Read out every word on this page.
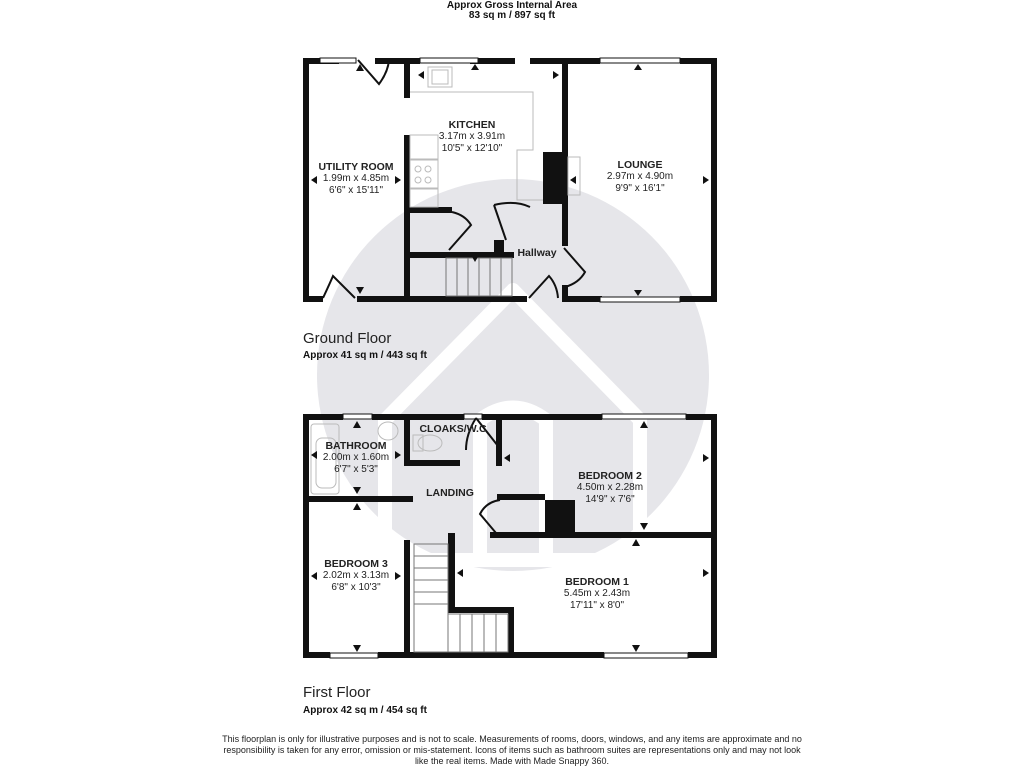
Approx Gross Internal Area
83 sq m / 897 sq ft
UTILITY ROOM
1.99m x 4.85m
6'6" x 15'11"
KITCHEN
3.17m x 3.91m
10'5" x 12'10"
LOUNGE
2.97m x 4.90m
9'9" x 16'1"
Hallway
Ground Floor
Approx 41 sq m / 443 sq ft
BATHROOM
2.00m x 1.60m
6'7" x 5'3"
CLOAKS/W.C
BEDROOM 2
4.50m x 2.28m
14'9" x 7'6"
LANDING
BEDROOM 3
2.02m x 3.13m
6'8" x 10'3"	BEDROOM 1
5.45m x 2.43m
17'11" x 8'0"
First Floor
Approx 42 sq m / 454 sq ft
This floorplan is only for illustrative purposes and is not to scale. Measurements of rooms, doors, windows, and any items are approximate and no responsibility is taken for any error, omission or mis-statement. Icons of items such as bathroom suites are representations only and may not look like the real items. Made with Made Snappy 360.
